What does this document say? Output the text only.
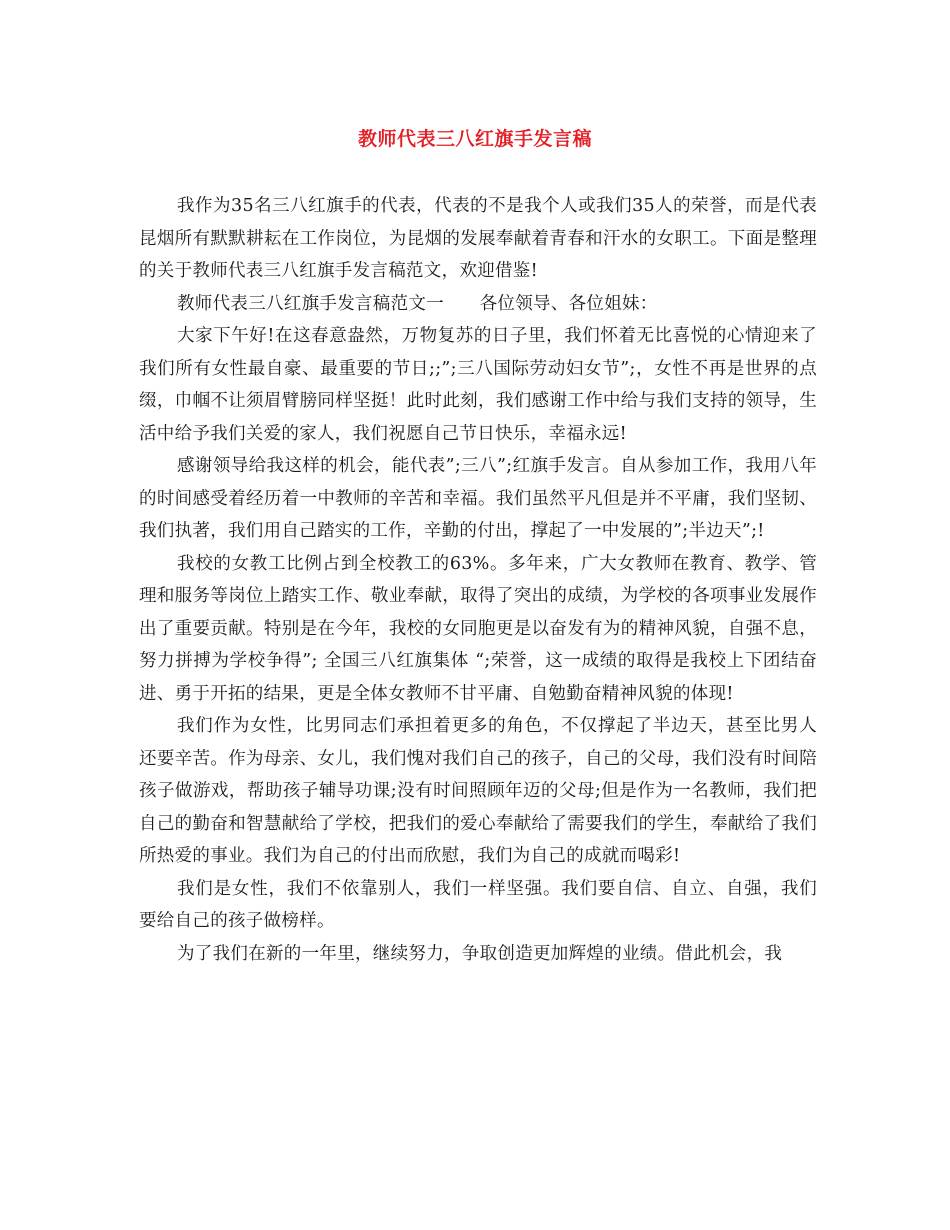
教师代表三八红旗手发言稿

我作为35名三八红旗手的代表，代表的不是我个人或我们35人的荣誉，而是代表昆烟所有默默耕耘在工作岗位，为昆烟的发展奉献着青春和汗水的女职工。下面是整理的关于教师代表三八红旗手发言稿范文，欢迎借鉴!

教师代表三八红旗手发言稿范文一　　各位领导、各位姐妹：

大家下午好!在这春意盎然，万物复苏的日子里，我们怀着无比喜悦的心情迎来了我们所有女性最自豪、最重要的节日;;”;三八国际劳动妇女节”;，女性不再是世界的点缀，巾帼不让须眉臂膀同样坚挺！此时此刻，我们感谢工作中给与我们支持的领导，生活中给予我们关爱的家人，我们祝愿自己节日快乐，幸福永远!

感谢领导给我这样的机会，能代表”;三八”;红旗手发言。自从参加工作，我用八年的时间感受着经历着一中教师的辛苦和幸福。我们虽然平凡但是并不平庸，我们坚韧、我们执著，我们用自己踏实的工作，辛勤的付出，撑起了一中发展的”;半边天”;!

我校的女教工比例占到全校教工的63%。多年来，广大女教师在教育、教学、管理和服务等岗位上踏实工作、敬业奉献，取得了突出的成绩，为学校的各项事业发展作出了重要贡献。特别是在今年，我校的女同胞更是以奋发有为的精神风貌，自强不息，努力拼搏为学校争得”; 全国三八红旗集体 “;荣誉，这一成绩的取得是我校上下团结奋进、勇于开拓的结果，更是全体女教师不甘平庸、自勉勤奋精神风貌的体现!

我们作为女性，比男同志们承担着更多的角色，不仅撑起了半边天，甚至比男人还要辛苦。作为母亲、女儿，我们愧对我们自己的孩子，自己的父母，我们没有时间陪孩子做游戏，帮助孩子辅导功课;没有时间照顾年迈的父母;但是作为一名教师，我们把自己的勤奋和智慧献给了学校，把我们的爱心奉献给了需要我们的学生，奉献给了我们所热爱的事业。我们为自己的付出而欣慰，我们为自己的成就而喝彩!

我们是女性，我们不依靠别人，我们一样坚强。我们要自信、自立、自强，我们要给自己的孩子做榜样。

为了我们在新的一年里，继续努力，争取创造更加辉煌的业绩。借此机会，我
